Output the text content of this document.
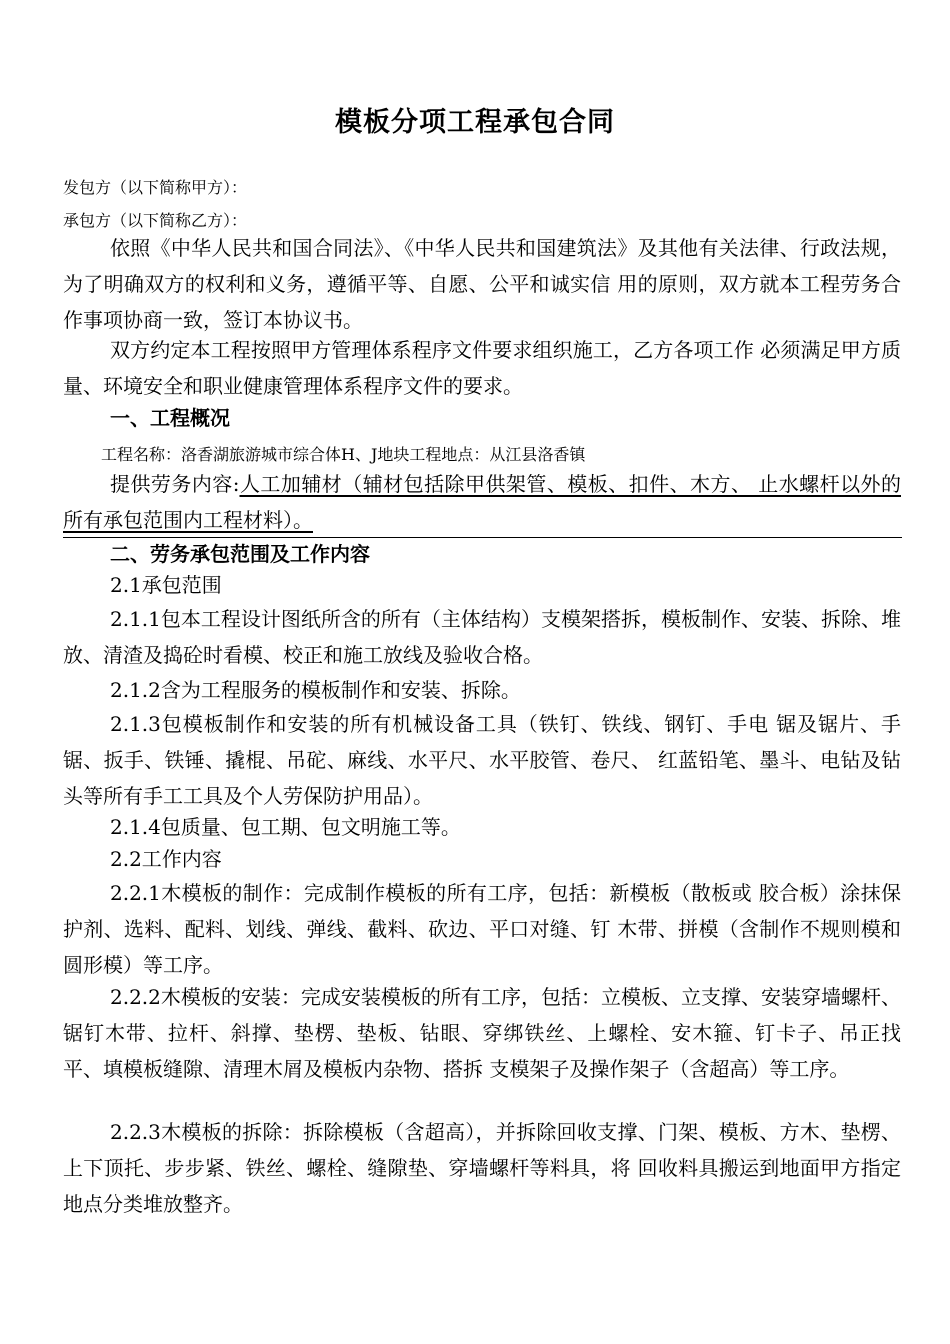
模板分项工程承包合同
发包方（以下简称甲方）：
承包方（以下简称乙方）：

依照《中华人民共和国合同法》、《中华人民共和国建筑法》及其他有关法律、行政法规，为了明确双方的权利和义务，遵循平等、自愿、公平和诚实信 用的原则，双方就本工程劳务合作事项协商一致，签订本协议书。

双方约定本工程按照甲方管理体系程序文件要求组织施工，乙方各项工作 必须满足甲方质量、环境安全和职业健康管理体系程序文件的要求。

一、工程概况
工程名称：洛香湖旅游城市综合体H、J地块工程地点：从江县洛香镇

提供劳务内容:人工加辅材（辅材包括除甲供架管、模板、扣件、木方、 止水螺杆以外的所有承包范围内工程材料）。

二、劳务承包范围及工作内容
2.1承包范围

2.1.1包本工程设计图纸所含的所有（主体结构）支模架搭拆，模板制作、安装、拆除、堆放、清渣及捣砼时看模、校正和施工放线及验收合格。

2.1.2含为工程服务的模板制作和安装、拆除。

2.1.3包模板制作和安装的所有机械设备工具（铁钉、铁线、钢钉、手电 锯及锯片、手锯、扳手、铁锤、撬棍、吊砣、麻线、水平尺、水平胶管、卷尺、 红蓝铅笔、墨斗、电钻及钻头等所有手工工具及个人劳保防护用品）。

2.1.4包质量、包工期、包文明施工等。
2.2工作内容

2.2.1木模板的制作：完成制作模板的所有工序，包括：新模板（散板或 胶合板）涂抹保护剂、选料、配料、划线、弹线、截料、砍边、平口对缝、钉 木带、拼模（含制作不规则模和圆形模）等工序。

2.2.2木模板的安装：完成安装模板的所有工序，包括：立模板、立支撑、安装穿墙螺杆、锯钉木带、拉杆、斜撑、垫楞、垫板、钻眼、穿绑铁丝、上螺栓、安木箍、钉卡子、吊正找平、填模板缝隙、清理木屑及模板内杂物、搭拆 支模架子及操作架子（含超高）等工序。

2.2.3木模板的拆除：拆除模板（含超高），并拆除回收支撑、门架、模板、方木、垫楞、上下顶托、步步紧、铁丝、螺栓、缝隙垫、穿墙螺杆等料具，将 回收料具搬运到地面甲方指定地点分类堆放整齐。
